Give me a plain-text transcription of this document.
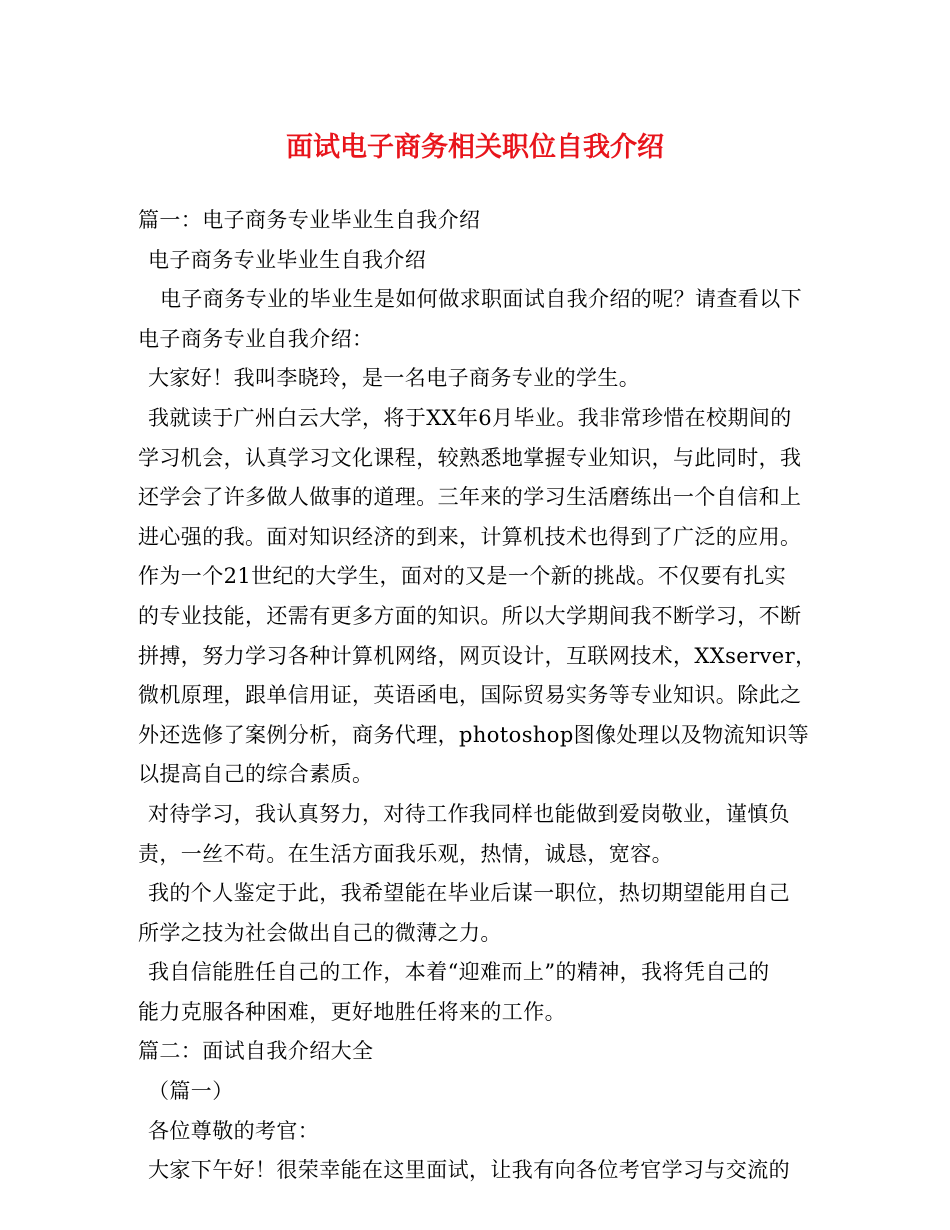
面试电子商务相关职位自我介绍
篇一：电子商务专业毕业生自我介绍
电子商务专业毕业生自我介绍
电子商务专业的毕业生是如何做求职面试自我介绍的呢？请查看以下
电子商务专业自我介绍：
大家好！我叫李晓玲，是一名电子商务专业的学生。
我就读于广州白云大学，将于XX年6月毕业。我非常珍惜在校期间的
学习机会，认真学习文化课程，较熟悉地掌握专业知识，与此同时，我
还学会了许多做人做事的道理。三年来的学习生活磨练出一个自信和上
进心强的我。面对知识经济的到来，计算机技术也得到了广泛的应用。
作为一个21世纪的大学生，面对的又是一个新的挑战。不仅要有扎实
的专业技能，还需有更多方面的知识。所以大学期间我不断学习，不断
拼搏，努力学习各种计算机网络，网页设计，互联网技术，XXserver，
微机原理，跟单信用证，英语函电，国际贸易实务等专业知识。除此之
外还选修了案例分析，商务代理，photoshop图像处理以及物流知识等
以提高自己的综合素质。
对待学习，我认真努力，对待工作我同样也能做到爱岗敬业，谨慎负
责，一丝不苟。在生活方面我乐观，热情，诚恳，宽容。
我的个人鉴定于此，我希望能在毕业后谋一职位，热切期望能用自己
所学之技为社会做出自己的微薄之力。
我自信能胜任自己的工作，本着“迎难而上”的精神，我将凭自己的
能力克服各种困难，更好地胜任将来的工作。
篇二：面试自我介绍大全
（篇一）
各位尊敬的考官：
大家下午好！很荣幸能在这里面试，让我有向各位考官学习与交流的
